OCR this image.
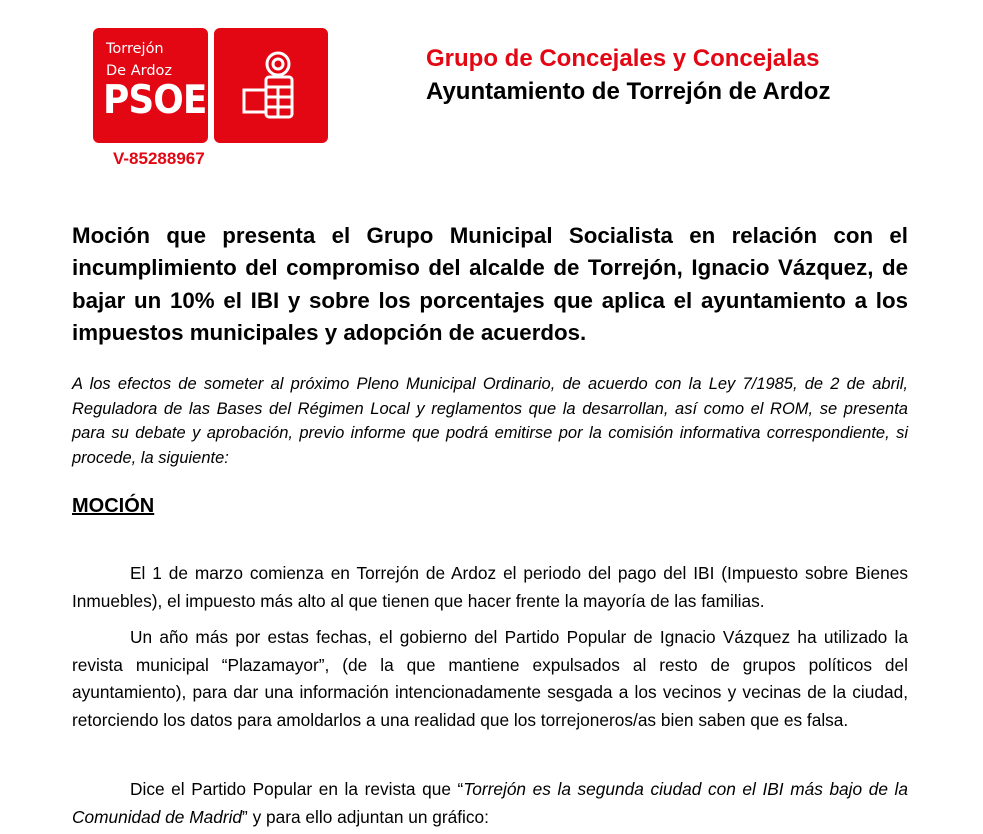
Torrejón
De Ardoz
PSOE
V-85288967
Grupo de Concejales y Concejalas
Ayuntamiento de Torrejón de Ardoz
Moción que presenta el Grupo Municipal Socialista en relación con el incumplimiento del compromiso del alcalde de Torrejón, Ignacio Vázquez, de bajar un 10% el IBI y sobre los porcentajes que aplica el ayuntamiento a los impuestos municipales y adopción de acuerdos.
A los efectos de someter al próximo Pleno Municipal Ordinario, de acuerdo con la Ley 7/1985, de 2 de abril, Reguladora de las Bases del Régimen Local y reglamentos que la desarrollan, así como el ROM, se presenta para su debate y aprobación, previo informe que podrá emitirse por la comisión informativa correspondiente, si procede, la siguiente:
MOCIÓN
El 1 de marzo comienza en Torrejón de Ardoz el periodo del pago del IBI (Impuesto sobre Bienes Inmuebles), el impuesto más alto al que tienen que hacer frente la mayoría de las familias.
Un año más por estas fechas, el gobierno del Partido Popular de Ignacio Vázquez ha utilizado la revista municipal “Plazamayor”, (de la que mantiene expulsados al resto de grupos políticos del ayuntamiento), para dar una información intencionadamente sesgada a los vecinos y vecinas de la ciudad, retorciendo los datos para amoldarlos a una realidad que los torrejoneros/as bien saben que es falsa.
Dice el Partido Popular en la revista que “Torrejón es la segunda ciudad con el IBI más bajo de la Comunidad de Madrid” y para ello adjuntan un gráfico:
